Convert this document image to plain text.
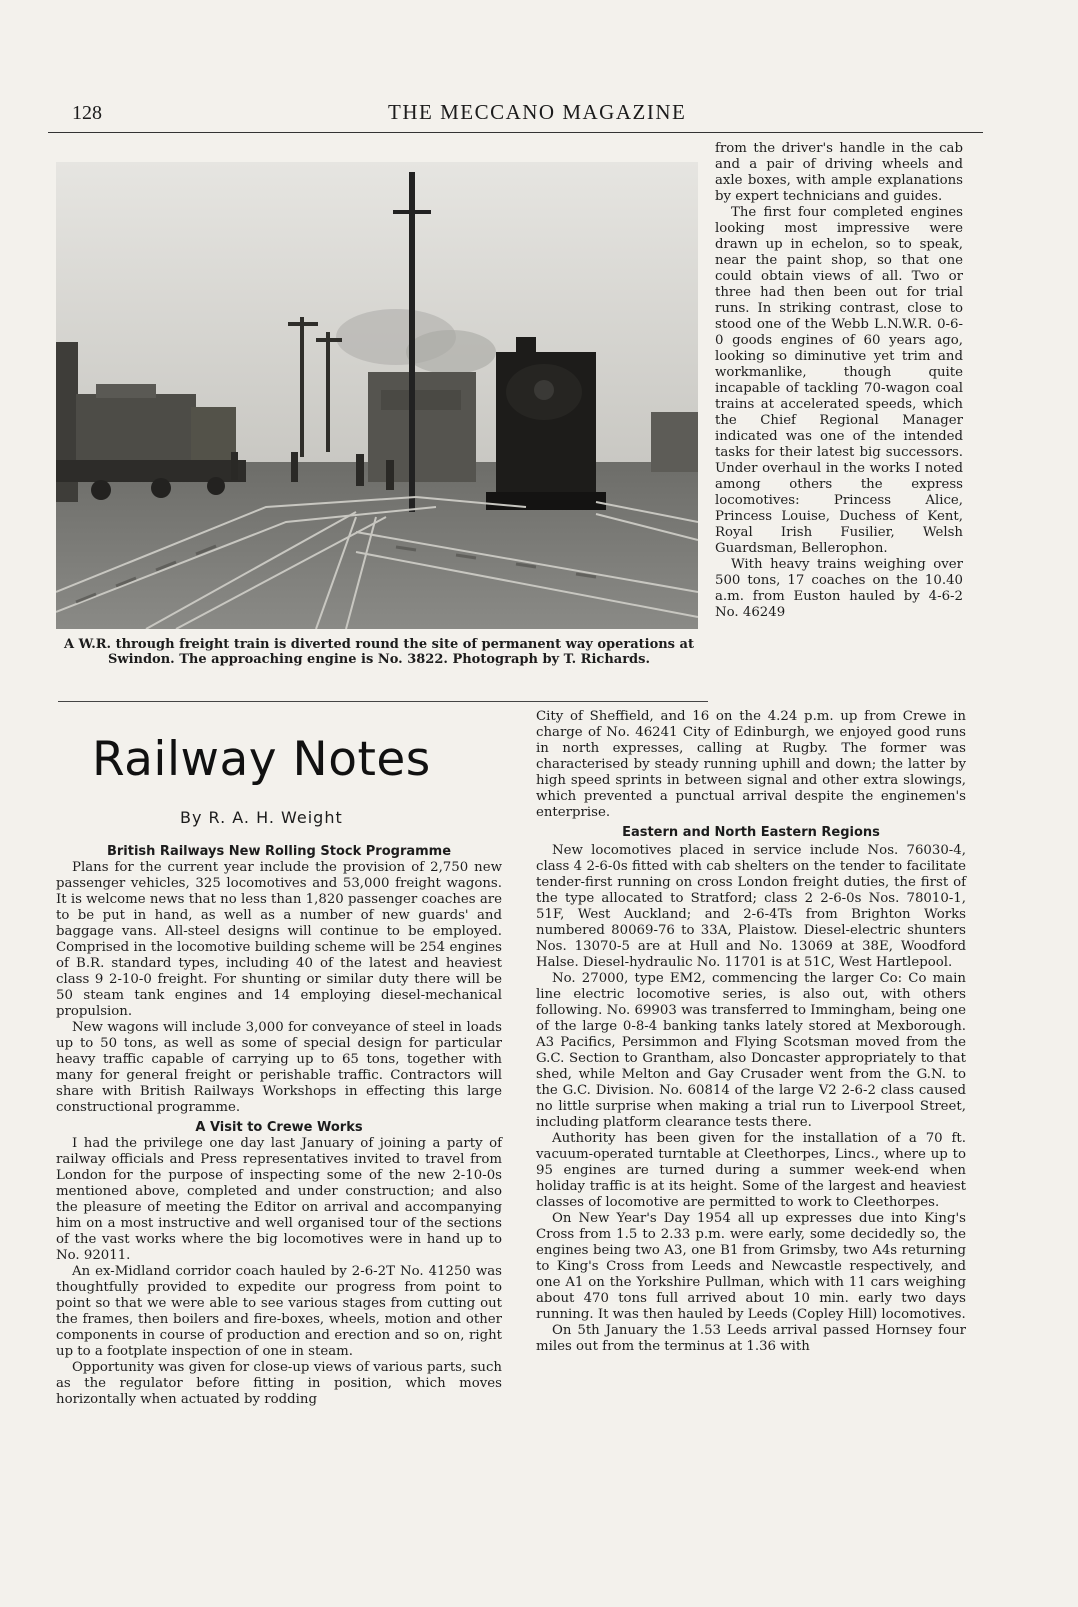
128	THE MECCANO MAGAZINE
A W.R. through freight train is diverted round the site of permanent way operations at Swindon. The approaching engine is No. 3822. Photograph by T. Richards.
Railway Notes
By R. A. H. Weight
British Railways New Rolling Stock Programme

Plans for the current year include the provision of 2,750 new passenger vehicles, 325 locomotives and 53,000 freight wagons. It is welcome news that no less than 1,820 passenger coaches are to be put in hand, as well as a number of new guards' and baggage vans. All-steel designs will continue to be employed. Comprised in the locomotive building scheme will be 254 engines of B.R. standard types, including 40 of the latest and heaviest class 9 2-10-0 freight. For shunting or similar duty there will be 50 steam tank engines and 14 employing diesel-mechanical propulsion.

New wagons will include 3,000 for conveyance of steel in loads up to 50 tons, as well as some of special design for particular heavy traffic capable of carrying up to 65 tons, together with many for general freight or perishable traffic. Contractors will share with British Railways Workshops in effecting this large constructional programme.

A Visit to Crewe Works

I had the privilege one day last January of joining a party of railway officials and Press representatives invited to travel from London for the purpose of inspecting some of the new 2-10-0s mentioned above, completed and under construction; and also the pleasure of meeting the Editor on arrival and accompanying him on a most instructive and well organised tour of the sections of the vast works where the big locomotives were in hand up to No. 92011.

An ex-Midland corridor coach hauled by 2-6-2T No. 41250 was thoughtfully provided to expedite our progress from point to point so that we were able to see various stages from cutting out the frames, then boilers and fire-boxes, wheels, motion and other components in course of production and erection and so on, right up to a footplate inspection of one in steam.

Opportunity was given for close-up views of various parts, such as the regulator before fitting in position, which moves horizontally when actuated by rodding

from the driver's handle in the cab and a pair of driving wheels and axle boxes, with ample explanations by expert technicians and guides.

The first four completed engines looking most impressive were drawn up in echelon, so to speak, near the paint shop, so that one could obtain views of all. Two or three had then been out for trial runs. In striking contrast, close to stood one of the Webb L.N.W.R. 0-6-0 goods engines of 60 years ago, looking so diminutive yet trim and workmanlike, though quite incapable of tackling 70-wagon coal trains at accelerated speeds, which the Chief Regional Manager indicated was one of the intended tasks for their latest big successors. Under overhaul in the works I noted among others the express locomotives: Princess Alice, Princess Louise, Duchess of Kent, Royal Irish Fusilier, Welsh Guardsman, Bellerophon.

With heavy trains weighing over 500 tons, 17 coaches on the 10.40 a.m. from Euston hauled by 4-6-2 No. 46249

City of Sheffield, and 16 on the 4.24 p.m. up from Crewe in charge of No. 46241 City of Edinburgh, we enjoyed good runs in north expresses, calling at Rugby. The former was characterised by steady running uphill and down; the latter by high speed sprints in between signal and other extra slowings, which prevented a punctual arrival despite the enginemen's enterprise.

Eastern and North Eastern Regions

New locomotives placed in service include Nos. 76030-4, class 4 2-6-0s fitted with cab shelters on the tender to facilitate tender-first running on cross London freight duties, the first of the type allocated to Stratford; class 2 2-6-0s Nos. 78010-1, 51F, West Auckland; and 2-6-4Ts from Brighton Works numbered 80069-76 to 33A, Plaistow. Diesel-electric shunters Nos. 13070-5 are at Hull and No. 13069 at 38E, Woodford Halse. Diesel-hydraulic No. 11701 is at 51C, West Hartlepool.

No. 27000, type EM2, commencing the larger Co: Co main line electric locomotive series, is also out, with others following. No. 69903 was transferred to Immingham, being one of the large 0-8-4 banking tanks lately stored at Mexborough. A3 Pacifics, Persimmon and Flying Scotsman moved from the G.C. Section to Grantham, also Doncaster appropriately to that shed, while Melton and Gay Crusader went from the G.N. to the G.C. Division. No. 60814 of the large V2 2-6-2 class caused no little surprise when making a trial run to Liverpool Street, including platform clearance tests there.

Authority has been given for the installation of a 70 ft. vacuum-operated turntable at Cleethorpes, Lincs., where up to 95 engines are turned during a summer week-end when holiday traffic is at its height. Some of the largest and heaviest classes of locomotive are permitted to work to Cleethorpes.

On New Year's Day 1954 all up expresses due into King's Cross from 1.5 to 2.33 p.m. were early, some decidedly so, the engines being two A3, one B1 from Grimsby, two A4s returning to King's Cross from Leeds and Newcastle respectively, and one A1 on the Yorkshire Pullman, which with 11 cars weighing about 470 tons full arrived about 10 min. early two days running. It was then hauled by Leeds (Copley Hill) locomotives.

On 5th January the 1.53 Leeds arrival passed Hornsey four miles out from the terminus at 1.36 with
